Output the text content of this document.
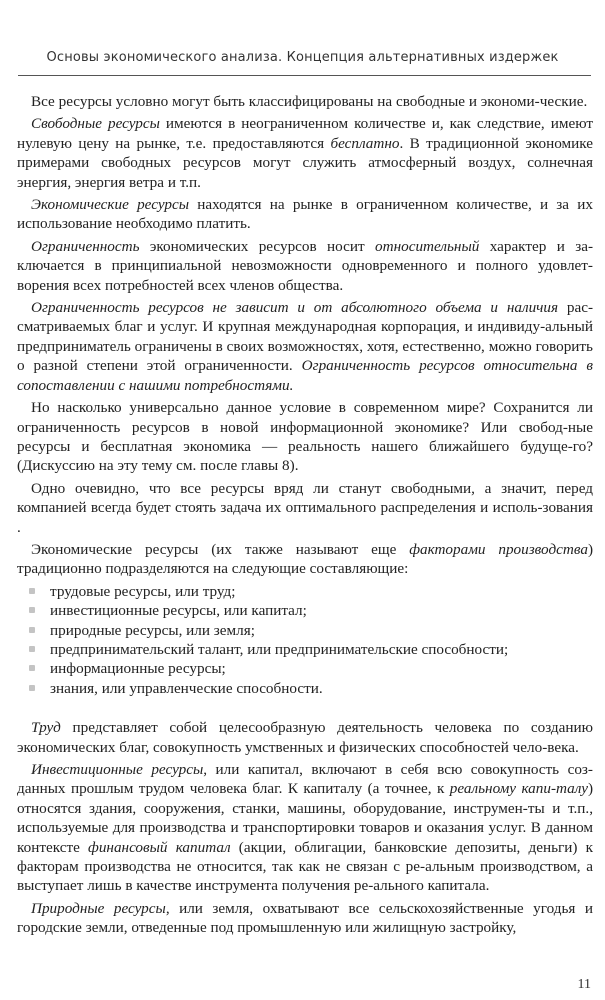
Основы экономического анализа. Концепция альтернативных издержек

Все ресурсы условно могут быть классифицированы на свободные и экономи-ческие.

Свободные ресурсы имеются в неограниченном количестве и, как следствие, имеют нулевую цену на рынке, т.е. предоставляются бесплатно. В традиционной экономике примерами свободных ресурсов могут служить атмосферный воздух, солнечная энергия, энергия ветра и т.п.

Экономические ресурсы находятся на рынке в ограниченном количестве, и за их использование необходимо платить.

Ограниченность экономических ресурсов носит относительный характер и за-ключается в принципиальной невозможности одновременного и полного удовлет-ворения всех потребностей всех членов общества.

Ограниченность ресурсов не зависит и от абсолютного объема и наличия рас-сматриваемых благ и услуг. И крупная международная корпорация, и индивиду-альный предприниматель ограничены в своих возможностях, хотя, естественно, можно говорить о разной степени этой ограниченности. Ограниченность ресурсов относительна в сопоставлении с нашими потребностями.

Но насколько универсально данное условие в современном мире? Сохранится ли ограниченность ресурсов в новой информационной экономике? Или свобод-ные ресурсы и бесплатная экономика — реальность нашего ближайшего будуще-го? (Дискуссию на эту тему см. после главы 8).

Одно очевидно, что все ресурсы вряд ли станут свободными, а значит, перед компанией всегда будет стоять задача их оптимального распределения и исполь-зования .

Экономические ресурсы (их также называют еще факторами производства) традиционно подразделяются на следующие составляющие:

трудовые ресурсы, или труд;
инвестиционные ресурсы, или капитал;
природные ресурсы, или земля;
предпринимательский талант, или предпринимательские способности;
информационные ресурсы;
знания, или управленческие способности.

Труд представляет собой целесообразную деятельность человека по созданию экономических благ, совокупность умственных и физических способностей чело-века.

Инвестиционные ресурсы, или капитал, включают в себя всю совокупность соз-данных прошлым трудом человека благ. К капиталу (а точнее, к реальному капи-талу) относятся здания, сооружения, станки, машины, оборудование, инструмен-ты и т.п., используемые для производства и транспортировки товаров и оказания услуг. В данном контексте финансовый капитал (акции, облигации, банковские депозиты, деньги) к факторам производства не относится, так как не связан с ре-альным производством, а выступает лишь в качестве инструмента получения ре-ального капитала.

Природные ресурсы, или земля, охватывают все сельскохозяйственные угодья и городские земли, отведенные под промышленную или жилищную застройку,

11
